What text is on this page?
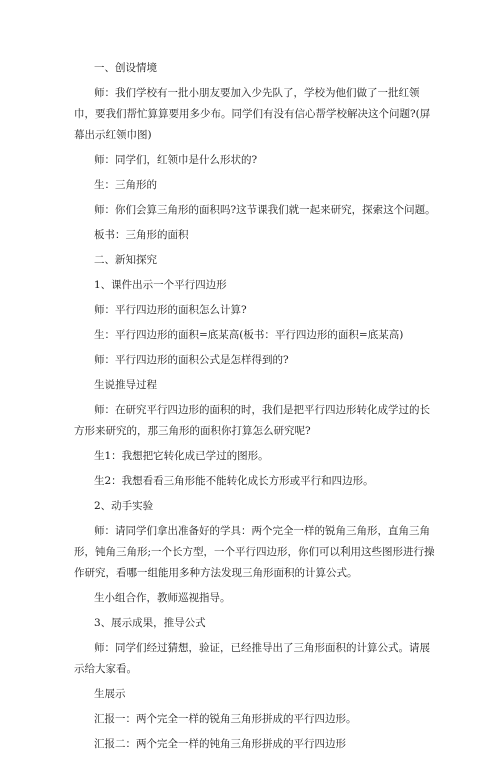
一、创设情境
师：我们学校有一批小朋友要加入少先队了，学校为他们做了一批红领
巾，要我们帮忙算算要用多少布。同学们有没有信心帮学校解决这个问题?(屏
幕出示红领巾图)
师：同学们，红领巾是什么形状的?
生：三角形的
师：你们会算三角形的面积吗?这节课我们就一起来研究，探索这个问题。
板书：三角形的面积
二、新知探究
1、课件出示一个平行四边形
师：平行四边形的面积怎么计算?
生：平行四边形的面积=底某高(板书：平行四边形的面积=底某高)
师：平行四边形的面积公式是怎样得到的?
生说推导过程
师：在研究平行四边形的面积的时，我们是把平行四边形转化成学过的长
方形来研究的，那三角形的面积你打算怎么研究呢?
生1：我想把它转化成已学过的图形。
生2：我想看看三角形能不能转化成长方形或平行和四边形。
2、动手实验
师：请同学们拿出准备好的学具：两个完全一样的锐角三角形，直角三角
形，钝角三角形;一个长方型，一个平行四边形，你们可以利用这些图形进行操
作研究，看哪一组能用多种方法发现三角形面积的计算公式。
生小组合作，教师巡视指导。
3、展示成果，推导公式
师：同学们经过猜想，验证，已经推导出了三角形面积的计算公式。请展
示给大家看。
生展示
汇报一：两个完全一样的锐角三角形拼成的平行四边形。
汇报二：两个完全一样的钝角三角形拼成的平行四边形
